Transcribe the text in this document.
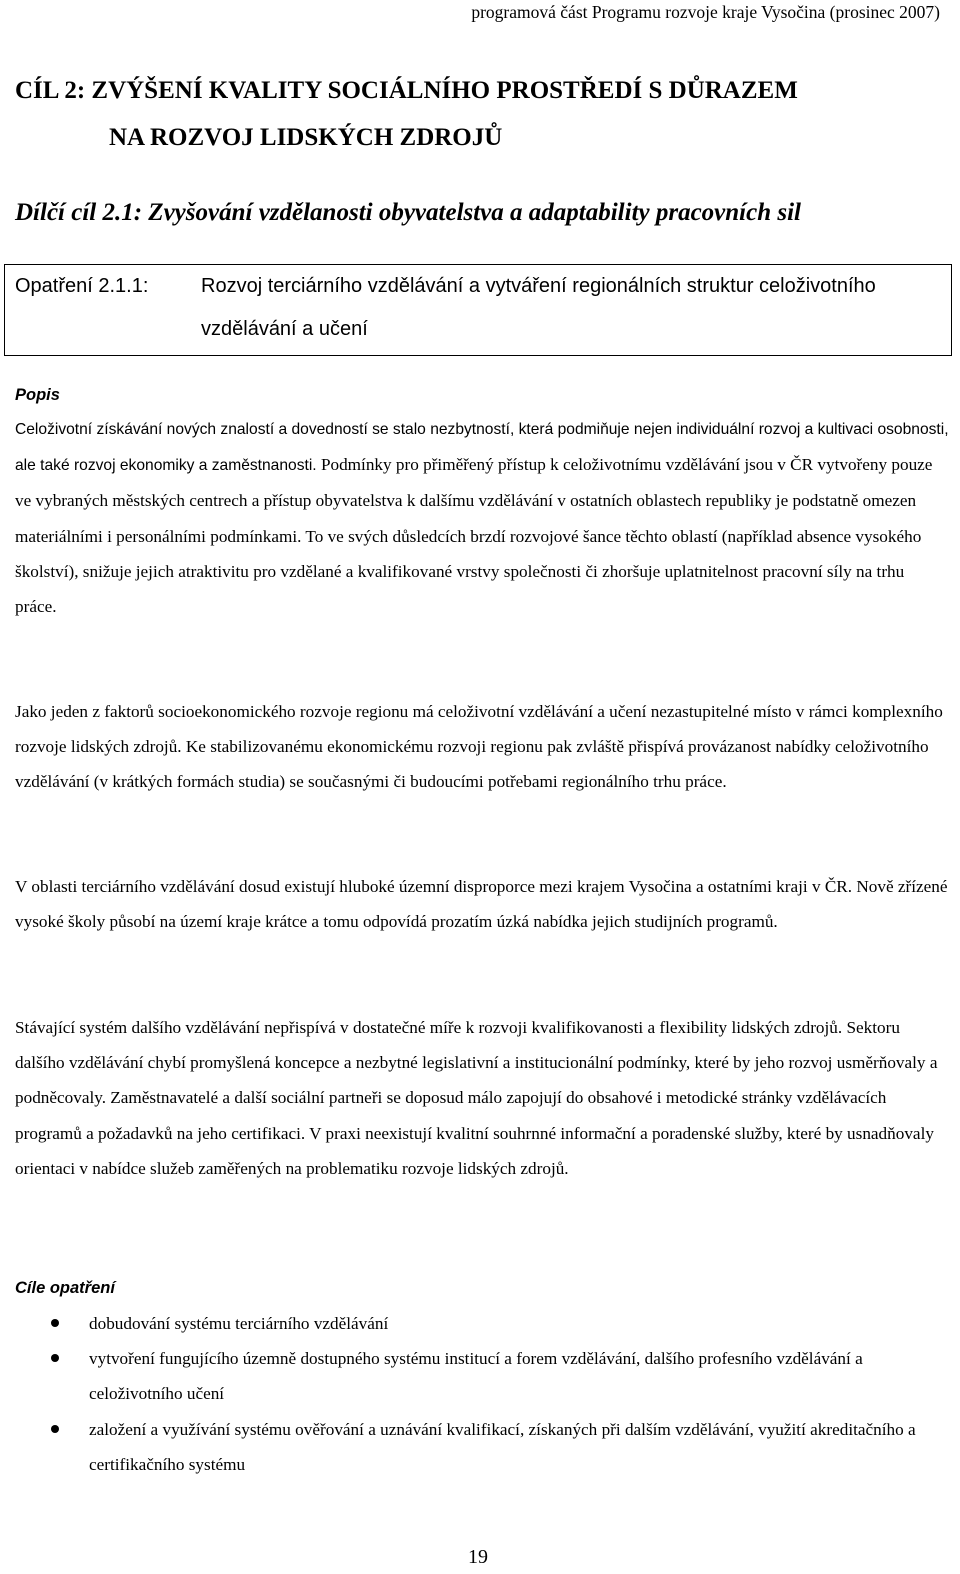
programová část Programu rozvoje kraje Vysočina (prosinec 2007)
CÍL 2: ZVÝŠENÍ KVALITY SOCIÁLNÍHO PROSTŘEDÍ S DŮRAZEM
NA ROZVOJ LIDSKÝCH ZDROJŮ
Dílčí cíl 2.1: Zvyšování vzdělanosti obyvatelstva a adaptability pracovních sil
Opatření 2.1.1:	Rozvoj terciárního vzdělávání a vytváření regionálních struktur celoživotního vzdělávání a učení
Popis

Celoživotní získávání nových znalostí a dovedností se stalo nezbytností, která podmiňuje nejen individuální rozvoj a kultivaci osobnosti, ale také rozvoj ekonomiky a zaměstnanosti. Podmínky pro přiměřený přístup k celoživotnímu vzdělávání jsou v ČR vytvořeny pouze ve vybraných městských centrech a přístup obyvatelstva k dalšímu vzdělávání v ostatních oblastech republiky je podstatně omezen materiálními i personálními podmínkami. To ve svých důsledcích brzdí rozvojové šance těchto oblastí (například absence vysokého školství), snižuje jejich atraktivitu pro vzdělané a kvalifikované vrstvy společnosti či zhoršuje uplatnitelnost pracovní síly na trhu práce.

Jako jeden z faktorů socioekonomického rozvoje regionu má celoživotní vzdělávání a učení nezastupitelné místo v rámci komplexního rozvoje lidských zdrojů. Ke stabilizovanému ekonomickému rozvoji regionu pak zvláště přispívá provázanost nabídky celoživotního vzdělávání (v krátkých formách studia) se současnými či budoucími potřebami regionálního trhu práce.

V oblasti terciárního vzdělávání dosud existují hluboké územní disproporce mezi krajem Vysočina a ostatními kraji v ČR. Nově zřízené vysoké školy působí na území kraje krátce a tomu odpovídá prozatím úzká nabídka jejich studijních programů.

Stávající systém dalšího vzdělávání nepřispívá v dostatečné míře k rozvoji kvalifikovanosti a flexibility lidských zdrojů. Sektoru dalšího vzdělávání chybí promyšlená koncepce a nezbytné legislativní a institucionální podmínky, které by jeho rozvoj usměrňovaly a podněcovaly. Zaměstnavatelé a další sociální partneři se doposud málo zapojují do obsahové i metodické stránky vzdělávacích programů a požadavků na jeho certifikaci. V praxi neexistují kvalitní souhrnné informační a poradenské služby, které by usnadňovaly orientaci v nabídce služeb zaměřených na problematiku rozvoje lidských zdrojů.

Cíle opatření
dobudování systému terciárního vzdělávání
vytvoření fungujícího územně dostupného systému institucí a forem vzdělávání, dalšího profesního vzdělávání a celoživotního učení
založení a využívání systému ověřování a uznávání kvalifikací, získaných při dalším vzdělávání, využití akreditačního a certifikačního systému
19
